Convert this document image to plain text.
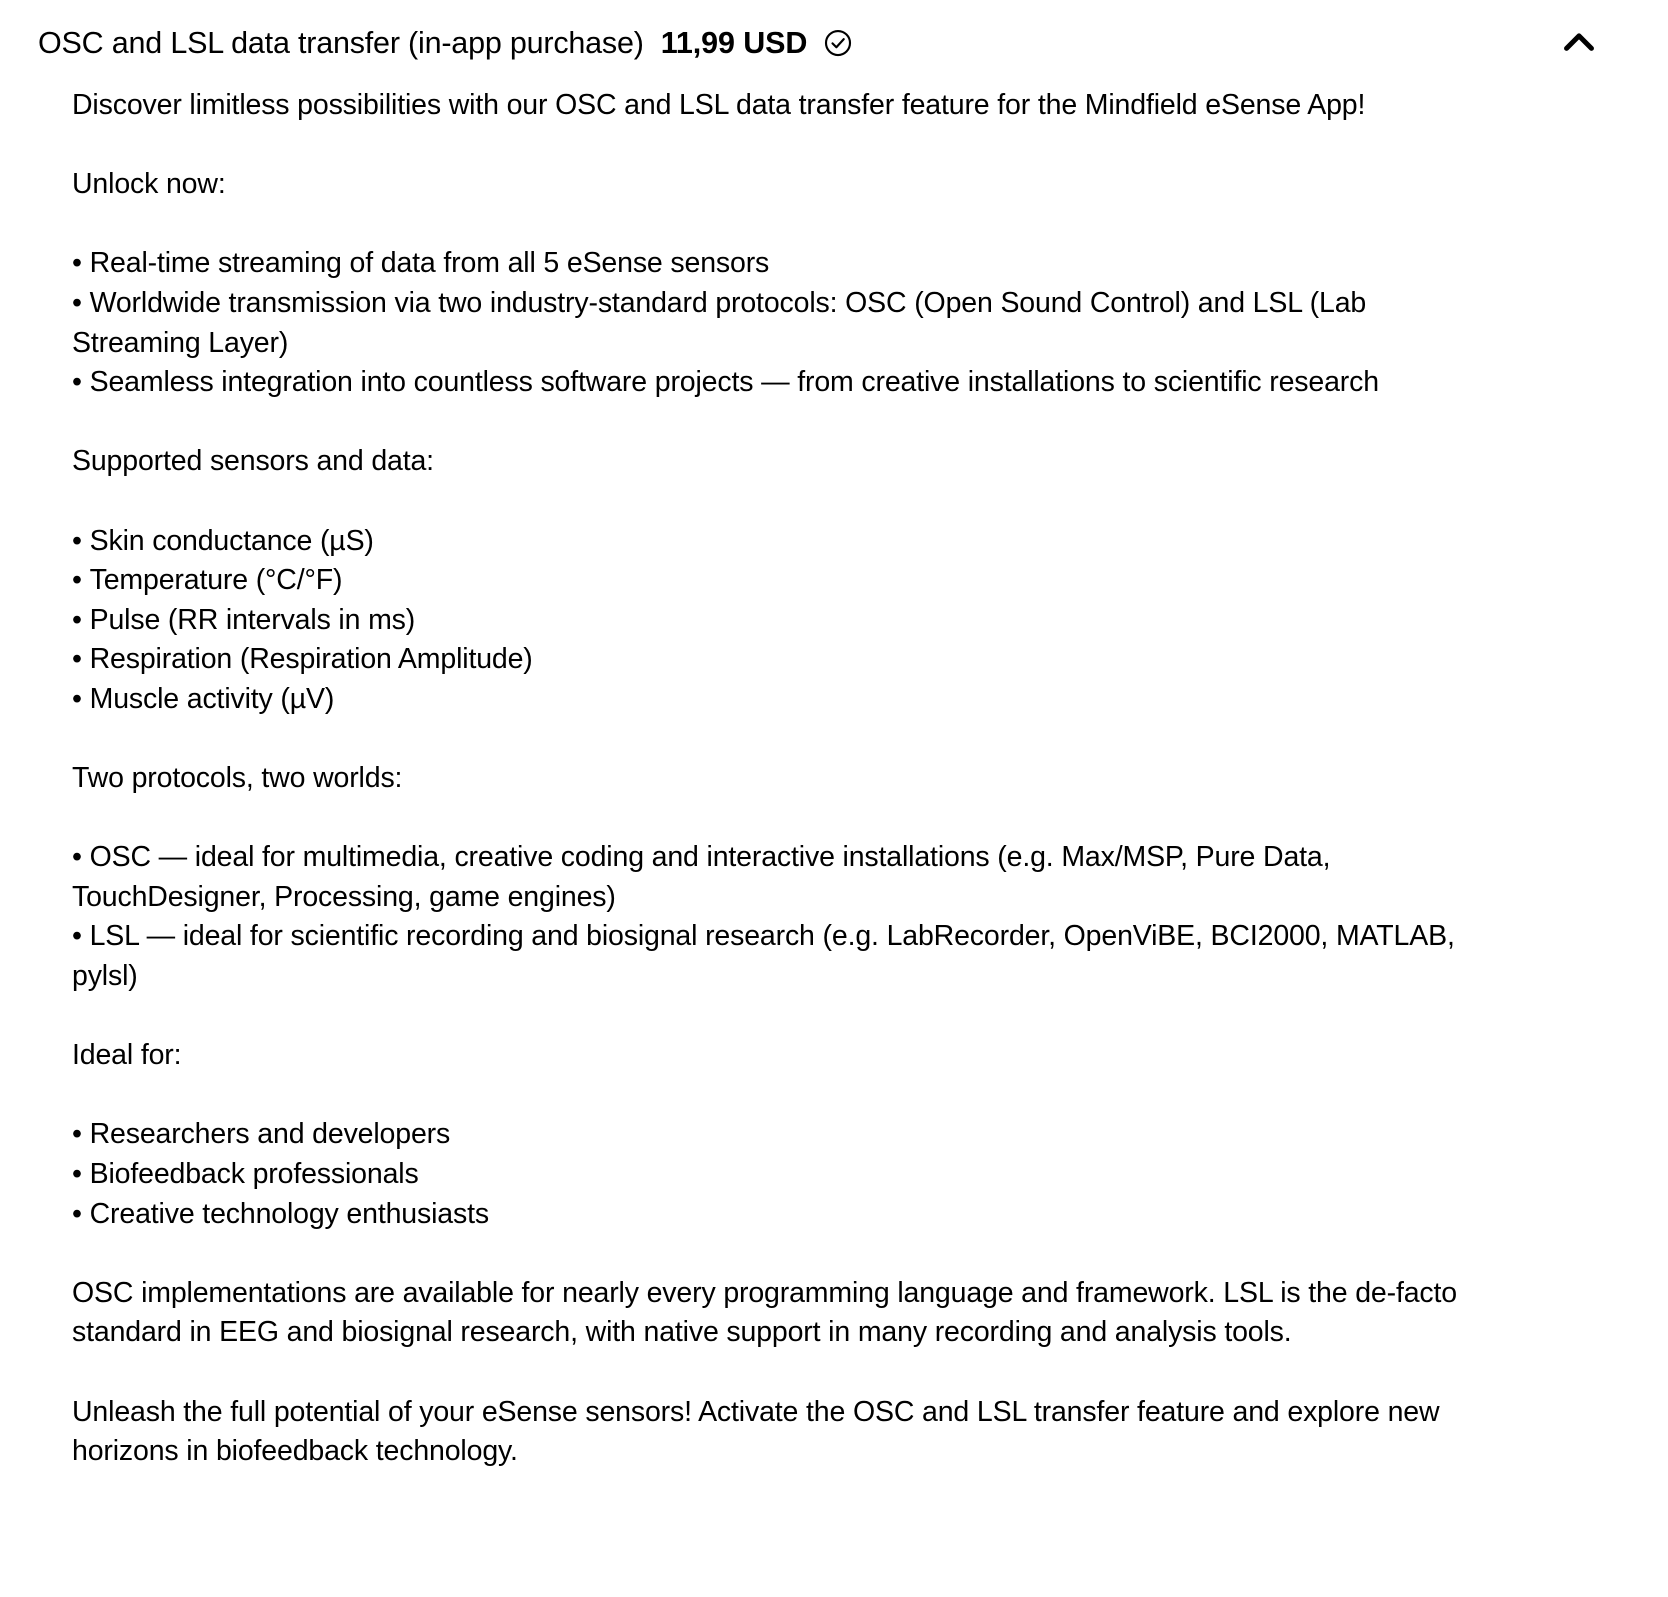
OSC and LSL data transfer (in-app purchase) 11,99 USD

Discover limitless possibilities with our OSC and LSL data transfer feature for the Mindfield eSense App!

Unlock now:

• Real-time streaming of data from all 5 eSense sensors
• Worldwide transmission via two industry-standard protocols: OSC (Open Sound Control) and LSL (Lab Streaming Layer)
• Seamless integration into countless software projects — from creative installations to scientific research

Supported sensors and data:

• Skin conductance (µS)
• Temperature (°C/°F)
• Pulse (RR intervals in ms)
• Respiration (Respiration Amplitude)
• Muscle activity (µV)

Two protocols, two worlds:

• OSC — ideal for multimedia, creative coding and interactive installations (e.g. Max/MSP, Pure Data, TouchDesigner, Processing, game engines)
• LSL — ideal for scientific recording and biosignal research (e.g. LabRecorder, OpenViBE, BCI2000, MATLAB, pylsl)

Ideal for:

• Researchers and developers
• Biofeedback professionals
• Creative technology enthusiasts

OSC implementations are available for nearly every programming language and framework. LSL is the de-facto standard in EEG and biosignal research, with native support in many recording and analysis tools.

Unleash the full potential of your eSense sensors! Activate the OSC and LSL transfer feature and explore new horizons in biofeedback technology.
